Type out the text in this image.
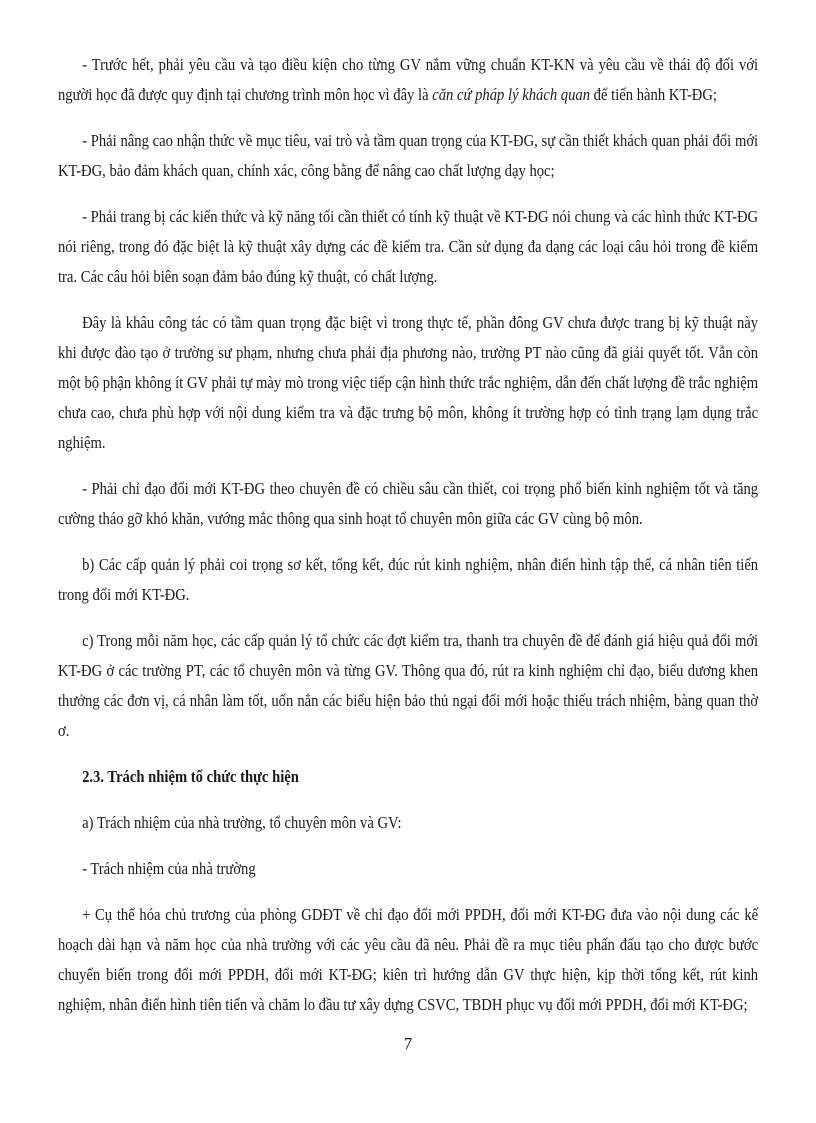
- Trước hết, phải yêu cầu và tạo điều kiện cho từng GV nắm vững chuẩn KT-KN và yêu cầu về thái độ đối với người học đã được quy định tại chương trình môn học vì đây là căn cứ pháp lý khách quan để tiến hành KT-ĐG;

- Phải nâng cao nhận thức về mục tiêu, vai trò và tầm quan trọng của KT-ĐG, sự cần thiết khách quan phải đổi mới KT-ĐG, bảo đảm khách quan, chính xác, công bằng để nâng cao chất lượng dạy học;

- Phải trang bị các kiến thức và kỹ năng tối cần thiết có tính kỹ thuật về KT-ĐG nói chung và các hình thức KT-ĐG nói riêng, trong đó đặc biệt là kỹ thuật xây dựng các đề kiểm tra. Cần sử dụng đa dạng các loại câu hỏi trong đề kiểm tra. Các câu hỏi biên soạn đảm bảo đúng kỹ thuật, có chất lượng.

Đây là khâu công tác có tầm quan trọng đặc biệt vì trong thực tế, phần đông GV chưa được trang bị kỹ thuật này khi được đào tạo ở trường sư phạm, nhưng chưa phải địa phương nào, trường PT nào cũng đã giải quyết tốt. Vẫn còn một bộ phận không ít GV phải tự mày mò trong việc tiếp cận hình thức trắc nghiệm, dẫn đến chất lượng đề trắc nghiệm chưa cao, chưa phù hợp với nội dung kiểm tra và đặc trưng bộ môn, không ít trường hợp có tình trạng lạm dụng trắc nghiệm.

- Phải chỉ đạo đổi mới KT-ĐG theo chuyên đề có chiều sâu cần thiết, coi trọng phổ biến kinh nghiệm tốt và tăng cường tháo gỡ khó khăn, vướng mắc thông qua sinh hoạt tổ chuyên môn giữa các GV cùng bộ môn.

b) Các cấp quản lý phải coi trọng sơ kết, tổng kết, đúc rút kinh nghiệm, nhân điển hình tập thể, cá nhân tiên tiến trong đổi mới KT-ĐG.

c) Trong mỗi năm học, các cấp quản lý tổ chức các đợt kiểm tra, thanh tra chuyên đề để đánh giá hiệu quả đổi mới KT-ĐG ở các trường PT, các tổ chuyên môn và từng GV. Thông qua đó, rút ra kinh nghiệm chỉ đạo, biểu dương khen thưởng các đơn vị, cá nhân làm tốt, uốn nắn các biểu hiện bảo thủ ngại đổi mới hoặc thiếu trách nhiệm, bàng quan thờ ơ.

2.3. Trách nhiệm tổ chức thực hiện

a) Trách nhiệm của nhà trường, tổ chuyên môn và GV:

- Trách nhiệm của nhà trường

+ Cụ thể hóa chủ trương của phòng GDĐT về chỉ đạo đổi mới PPDH, đổi mới KT-ĐG đưa vào nội dung các kế hoạch dài hạn và năm học của nhà trường với các yêu cầu đã nêu. Phải đề ra mục tiêu phấn đấu tạo cho được bước chuyển biến trong đổi mới PPDH, đổi mới KT-ĐG; kiên trì hướng dẫn GV thực hiện, kịp thời tổng kết, rút kinh nghiệm, nhân điển hình tiên tiến và chăm lo đầu tư xây dựng CSVC, TBDH phục vụ đổi mới PPDH, đổi mới KT-ĐG;

7
